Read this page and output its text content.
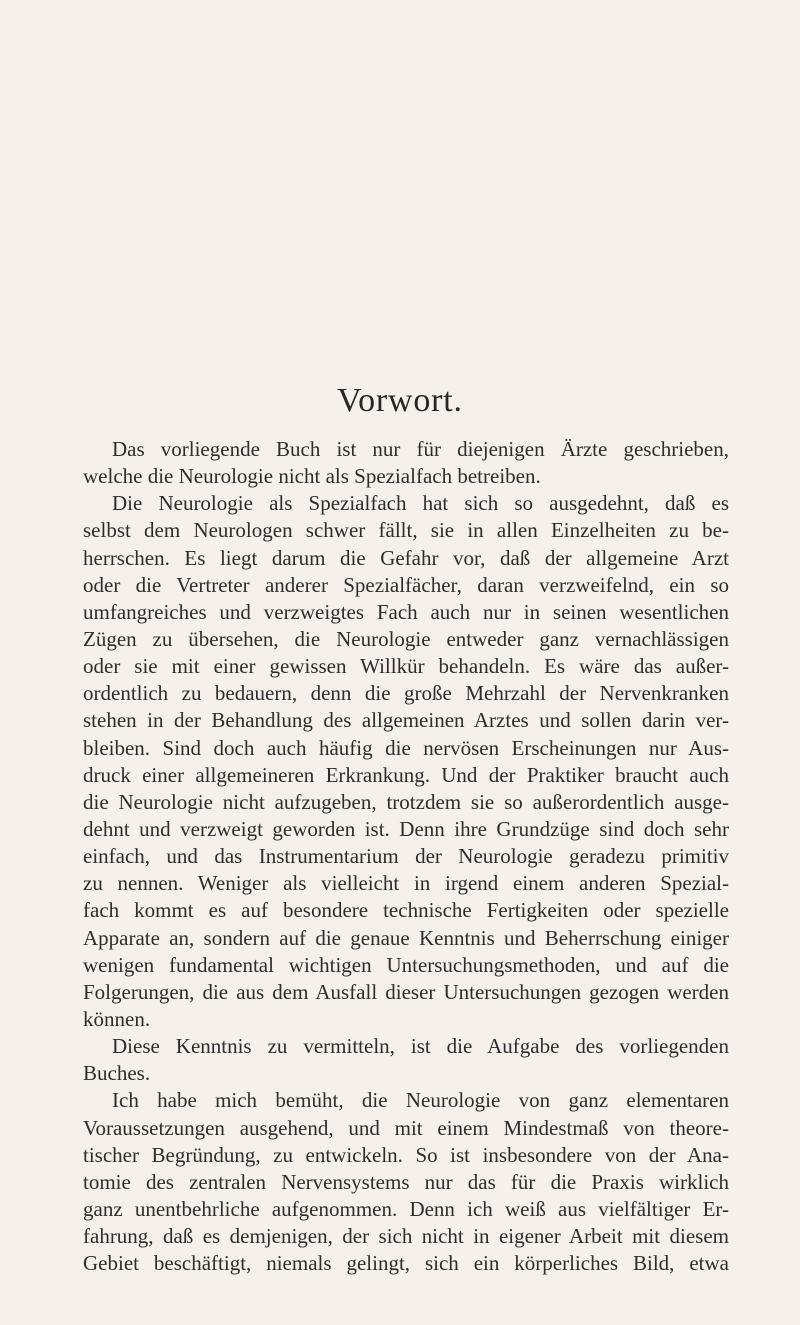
Vorwort.
Das vorliegende Buch ist nur für diejenigen Ärzte geschrieben,
welche die Neurologie nicht als Spezialfach betreiben.
Die Neurologie als Spezialfach hat sich so ausgedehnt, daß es
selbst dem Neurologen schwer fällt, sie in allen Einzelheiten zu be-
herrschen. Es liegt darum die Gefahr vor, daß der allgemeine Arzt
oder die Vertreter anderer Spezialfächer, daran verzweifelnd, ein so
umfangreiches und verzweigtes Fach auch nur in seinen wesentlichen
Zügen zu übersehen, die Neurologie entweder ganz vernachlässigen
oder sie mit einer gewissen Willkür behandeln. Es wäre das außer-
ordentlich zu bedauern, denn die große Mehrzahl der Nervenkranken
stehen in der Behandlung des allgemeinen Arztes und sollen darin ver-
bleiben. Sind doch auch häufig die nervösen Erscheinungen nur Aus-
druck einer allgemeineren Erkrankung. Und der Praktiker braucht auch
die Neurologie nicht aufzugeben, trotzdem sie so außerordentlich ausge-
dehnt und verzweigt geworden ist. Denn ihre Grundzüge sind doch sehr
einfach, und das Instrumentarium der Neurologie geradezu primitiv
zu nennen. Weniger als vielleicht in irgend einem anderen Spezial-
fach kommt es auf besondere technische Fertigkeiten oder spezielle
Apparate an, sondern auf die genaue Kenntnis und Beherrschung einiger
wenigen fundamental wichtigen Untersuchungsmethoden, und auf die
Folgerungen, die aus dem Ausfall dieser Untersuchungen gezogen werden
können.
Diese Kenntnis zu vermitteln, ist die Aufgabe des vorliegenden
Buches.
Ich habe mich bemüht, die Neurologie von ganz elementaren
Voraussetzungen ausgehend, und mit einem Mindestmaß von theore-
tischer Begründung, zu entwickeln. So ist insbesondere von der Ana-
tomie des zentralen Nervensystems nur das für die Praxis wirklich
ganz unentbehrliche aufgenommen. Denn ich weiß aus vielfältiger Er-
fahrung, daß es demjenigen, der sich nicht in eigener Arbeit mit diesem
Gebiet beschäftigt, niemals gelingt, sich ein körperliches Bild, etwa
